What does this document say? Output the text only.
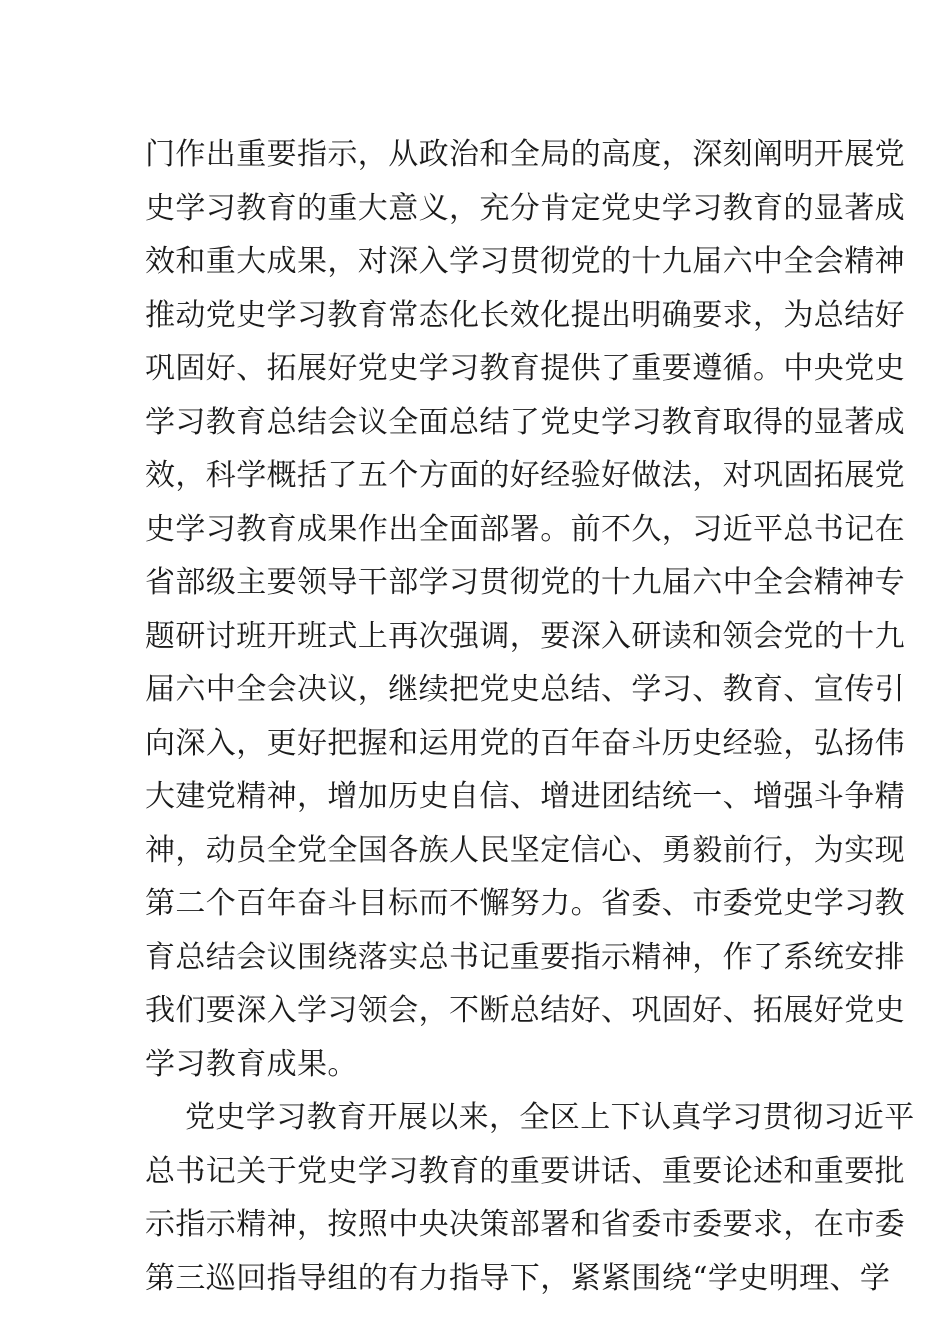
门作出重要指示，从政治和全局的高度，深刻阐明开展党
史学习教育的重大意义，充分肯定党史学习教育的显著成
效和重大成果，对深入学习贯彻党的十九届六中全会精神
推动党史学习教育常态化长效化提出明确要求，为总结好
巩固好、拓展好党史学习教育提供了重要遵循。中央党史
学习教育总结会议全面总结了党史学习教育取得的显著成
效，科学概括了五个方面的好经验好做法，对巩固拓展党
史学习教育成果作出全面部署。前不久，习近平总书记在
省部级主要领导干部学习贯彻党的十九届六中全会精神专
题研讨班开班式上再次强调，要深入研读和领会党的十九
届六中全会决议，继续把党史总结、学习、教育、宣传引
向深入，更好把握和运用党的百年奋斗历史经验，弘扬伟
大建党精神，增加历史自信、增进团结统一、增强斗争精
神，动员全党全国各族人民坚定信心、勇毅前行，为实现
第二个百年奋斗目标而不懈努力。省委、市委党史学习教
育总结会议围绕落实总书记重要指示精神，作了系统安排
我们要深入学习领会，不断总结好、巩固好、拓展好党史
学习教育成果。
党史学习教育开展以来，全区上下认真学习贯彻习近平
总书记关于党史学习教育的重要讲话、重要论述和重要批
示指示精神，按照中央决策部署和省委市委要求，在市委
第三巡回指导组的有力指导下，紧紧围绕“学史明理、学
